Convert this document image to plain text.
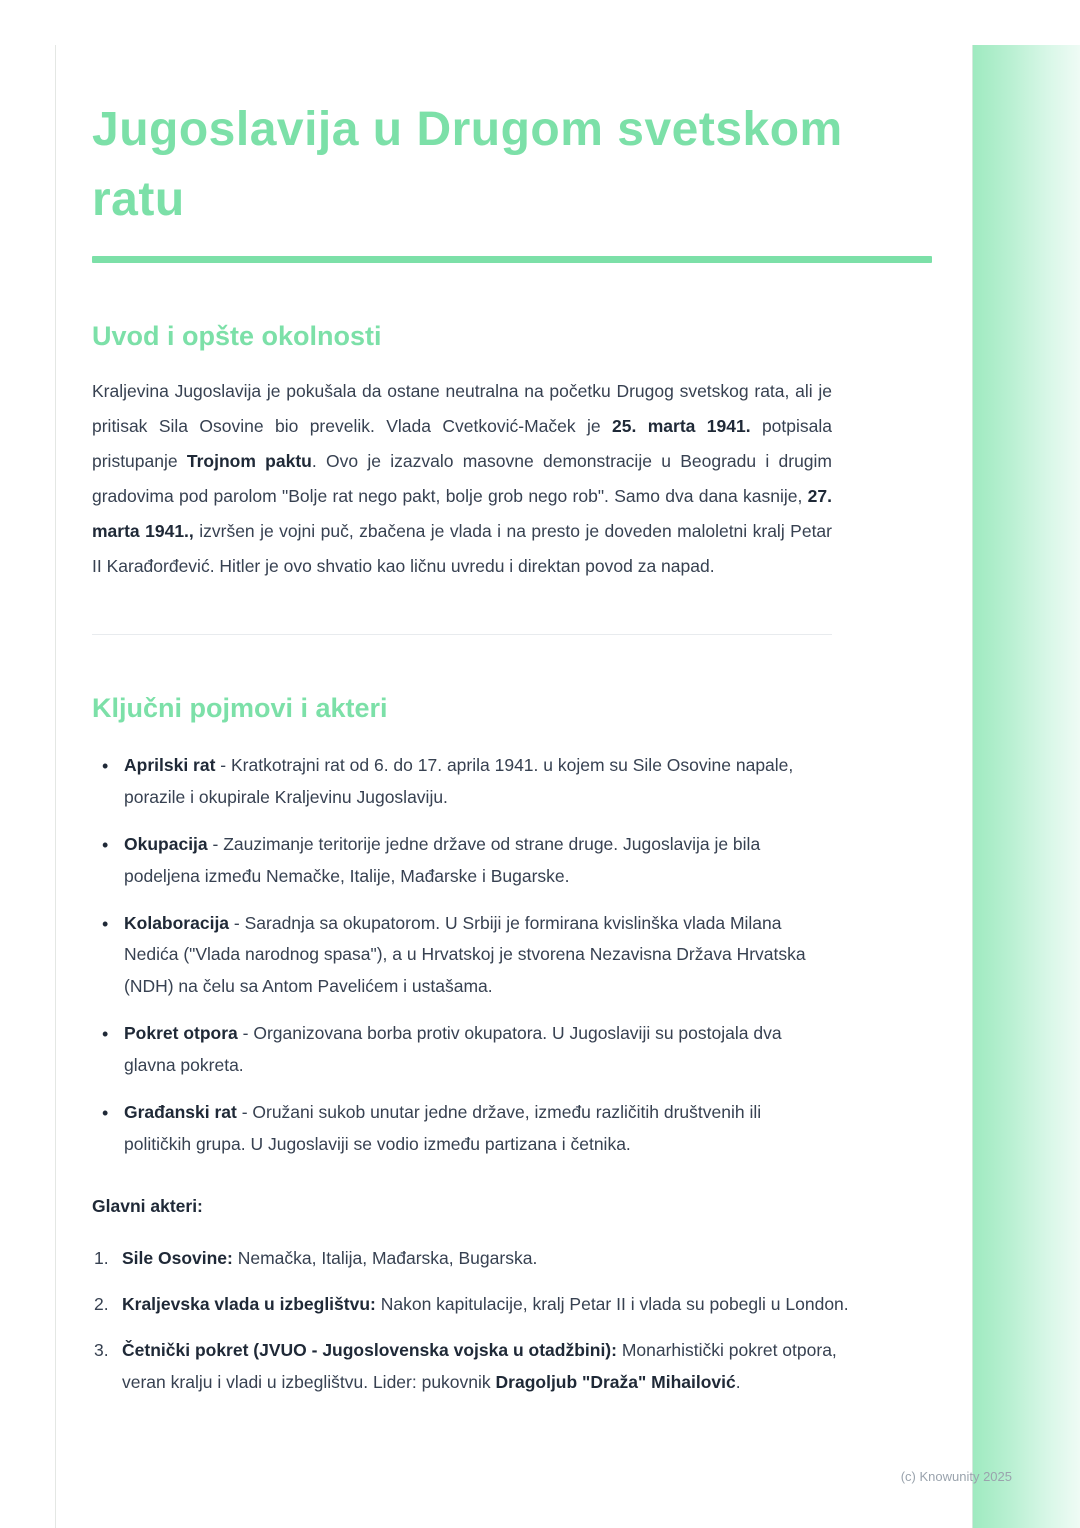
Jugoslavija u Drugom svetskom ratu
Uvod i opšte okolnosti

Kraljevina Jugoslavija je pokušala da ostane neutralna na početku Drugog svetskog rata, ali je pritisak Sila Osovine bio prevelik. Vlada Cvetković-Maček je 25. marta 1941. potpisala pristupanje Trojnom paktu. Ovo je izazvalo masovne demonstracije u Beogradu i drugim gradovima pod parolom "Bolje rat nego pakt, bolje grob nego rob". Samo dva dana kasnije, 27. marta 1941., izvršen je vojni puč, zbačena je vlada i na presto je doveden maloletni kralj Petar II Karađorđević. Hitler je ovo shvatio kao ličnu uvredu i direktan povod za napad.

Ključni pojmovi i akteri
• Aprilski rat - Kratkotrajni rat od 6. do 17. aprila 1941. u kojem su Sile Osovine napale, porazile i okupirale Kraljevinu Jugoslaviju.
• Okupacija - Zauzimanje teritorije jedne države od strane druge. Jugoslavija je bila podeljena između Nemačke, Italije, Mađarske i Bugarske.
• Kolaboracija - Saradnja sa okupatorom. U Srbiji je formirana kvislinška vlada Milana Nedića ("Vlada narodnog spasa"), a u Hrvatskoj je stvorena Nezavisna Država Hrvatska (NDH) na čelu sa Antom Pavelićem i ustašama.
• Pokret otpora - Organizovana borba protiv okupatora. U Jugoslaviji su postojala dva glavna pokreta.
• Građanski rat - Oružani sukob unutar jedne države, između različitih društvenih ili političkih grupa. U Jugoslaviji se vodio između partizana i četnika.

Glavni akteri:

1. Sile Osovine: Nemačka, Italija, Mađarska, Bugarska.
2. Kraljevska vlada u izbeglištvu: Nakon kapitulacije, kralj Petar II i vlada su pobegli u London.
3. Četnički pokret (JVUO - Jugoslovenska vojska u otadžbini): Monarhistički pokret otpora, veran kralju i vladi u izbeglištvu. Lider: pukovnik Dragoljub "Draža" Mihailović.
(c) Knowunity 2025
